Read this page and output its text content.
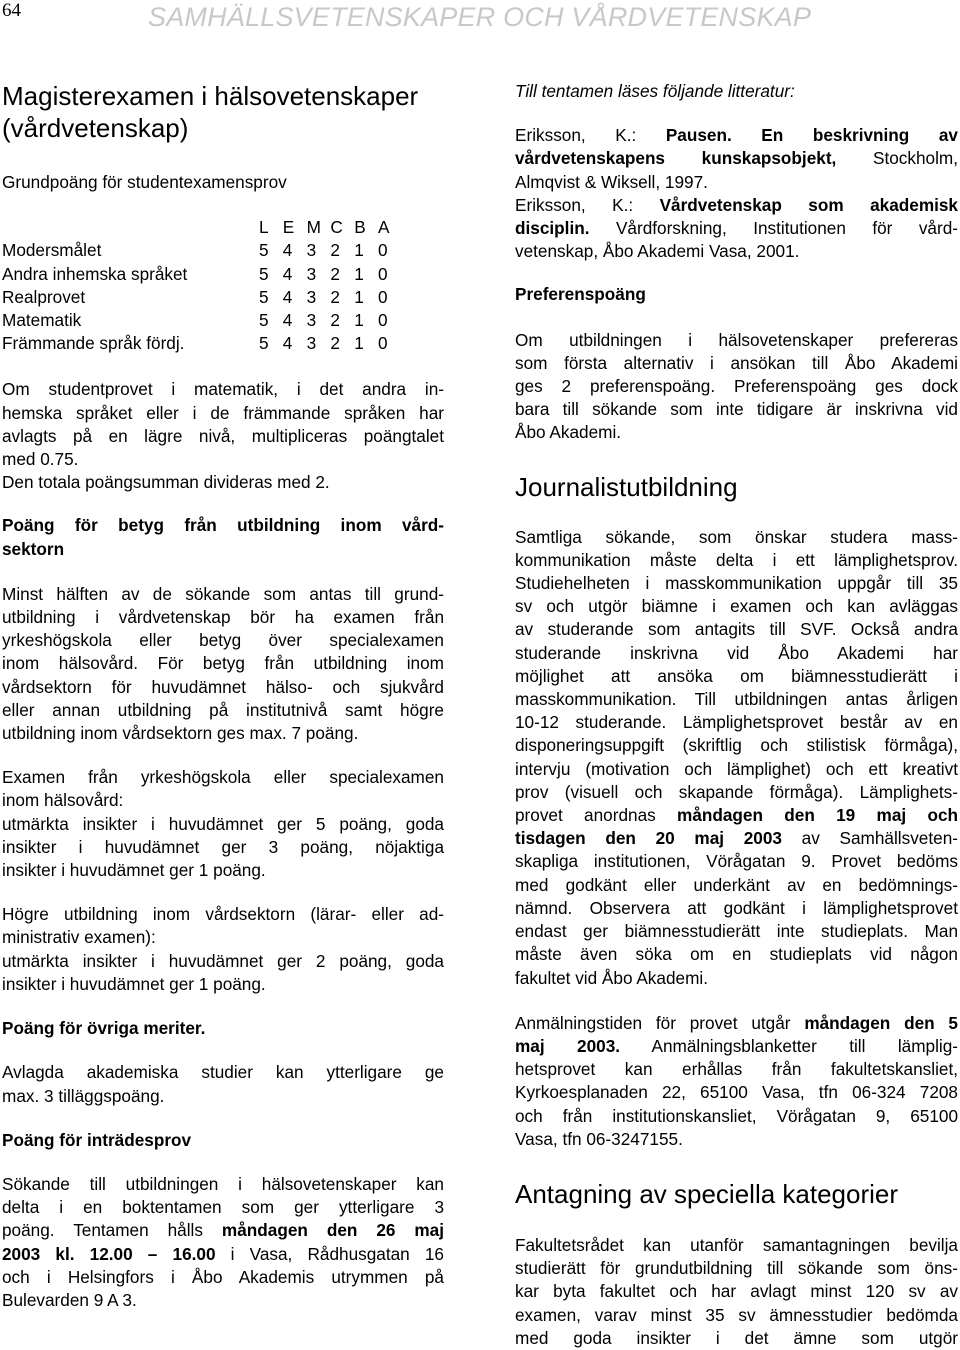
64	SAMHÄLLSVETENSKAPER OCH VÅRDVETENSKAP
Magisterexamen i hälsovetenskaper
(vårdvetenskap)

Grundpoäng för studentexamensprov

	L	E	M	C	B	A
Modersmålet	5	4	3	2	1	0
Andra inhemska språket	5	4	3	2	1	0
Realprovet	5	4	3	2	1	0
Matematik	5	4	3	2	1	0
Främmande språk fördj.	5	4	3	2	1	0
Om studentprovet i matematik, i det andra in-
hemska språket eller i de främmande språken har
avlagts på en lägre nivå, multipliceras poängtalet
med 0.75.
Den totala poängsumman divideras med 2.
Poäng för betyg från utbildning inom vård-
sektorn
Minst hälften av de sökande som antas till grund-
utbildning i vårdvetenskap bör ha examen från
yrkeshögskola eller betyg över specialexamen
inom hälsovård. För betyg från utbildning inom
vårdsektorn för huvudämnet hälso- och sjukvård
eller annan utbildning på institutnivå samt högre
utbildning inom vårdsektorn ges max. 7 poäng.
Examen från yrkeshögskola eller specialexamen
inom hälsovård:
utmärkta insikter i huvudämnet ger 5 poäng, goda
insikter i huvudämnet ger 3 poäng, nöjaktiga
insikter i huvudämnet ger 1 poäng.
Högre utbildning inom vårdsektorn (lärar- eller ad-
ministrativ examen):
utmärkta insikter i huvudämnet ger 2 poäng, goda
insikter i huvudämnet ger 1 poäng.

Poäng för övriga meriter.

Avlagda akademiska studier kan ytterligare ge
max. 3 tilläggspoäng.

Poäng för inträdesprov

Sökande till utbildningen i hälsovetenskaper kan
delta i en boktentamen som ger ytterligare 3
poäng. Tentamen hålls måndagen den 26 maj
2003 kl. 12.00 – 16.00 i Vasa, Rådhusgatan 16
och i Helsingfors i Åbo Akademis utrymmen på
Bulevarden 9 A 3.

Till tentamen läses följande litteratur:

Eriksson, K.: Pausen. En beskrivning av
vårdvetenskapens kunskapsobjekt, Stockholm,
Almqvist & Wiksell, 1997.
Eriksson, K.: Vårdvetenskap som akademisk
disciplin. Vårdforskning, Institutionen för vård-
vetenskap, Åbo Akademi Vasa, 2001.

Preferenspoäng

Om utbildningen i hälsovetenskaper prefereras
som första alternativ i ansökan till Åbo Akademi
ges 2 preferenspoäng. Preferenspoäng ges dock
bara till sökande som inte tidigare är inskrivna vid
Åbo Akademi.
Journalistutbildning
Samtliga sökande, som önskar studera mass-
kommunikation måste delta i ett lämplighetsprov.
Studiehelheten i masskommunikation uppgår till 35
sv och utgör biämne i examen och kan avläggas
av studerande som antagits till SVF. Också andra
studerande inskrivna vid Åbo Akademi har
möjlighet att ansöka om biämnesstudierätt i
masskommunikation. Till utbildningen antas årligen
10-12 studerande. Lämplighetsprovet består av en
disponeringsuppgift (skriftlig och stilistisk förmåga),
intervju (motivation och lämplighet) och ett kreativt
prov (visuell och skapande förmåga). Lämplighets-
provet anordnas måndagen den 19 maj och
tisdagen den 20 maj 2003 av Samhällsveten-
skapliga institutionen, Vörågatan 9. Provet bedöms
med godkänt eller underkänt av en bedömnings-
nämnd. Observera att godkänt i lämplighetsprovet
endast ger biämnesstudierätt inte studieplats. Man
måste även söka om en studieplats vid någon
fakultet vid Åbo Akademi.
Anmälningstiden för provet utgår måndagen den 5
maj 2003. Anmälningsblanketter till lämplig-
hetsprovet kan erhållas från fakultetskansliet,
Kyrkoesplanaden 22, 65100 Vasa, tfn 06-324 7208
och från institutionskansliet, Vörågatan 9, 65100
Vasa, tfn 06-3247155.
Antagning av speciella kategorier
Fakultetsrådet kan utanför samantagningen bevilja
studierätt för grundutbildning till sökande som öns-
kar byta fakultet och har avlagt minst 120 sv av
examen, varav minst 35 sv ämnesstudier bedömda
med goda insikter i det ämne som utgör
